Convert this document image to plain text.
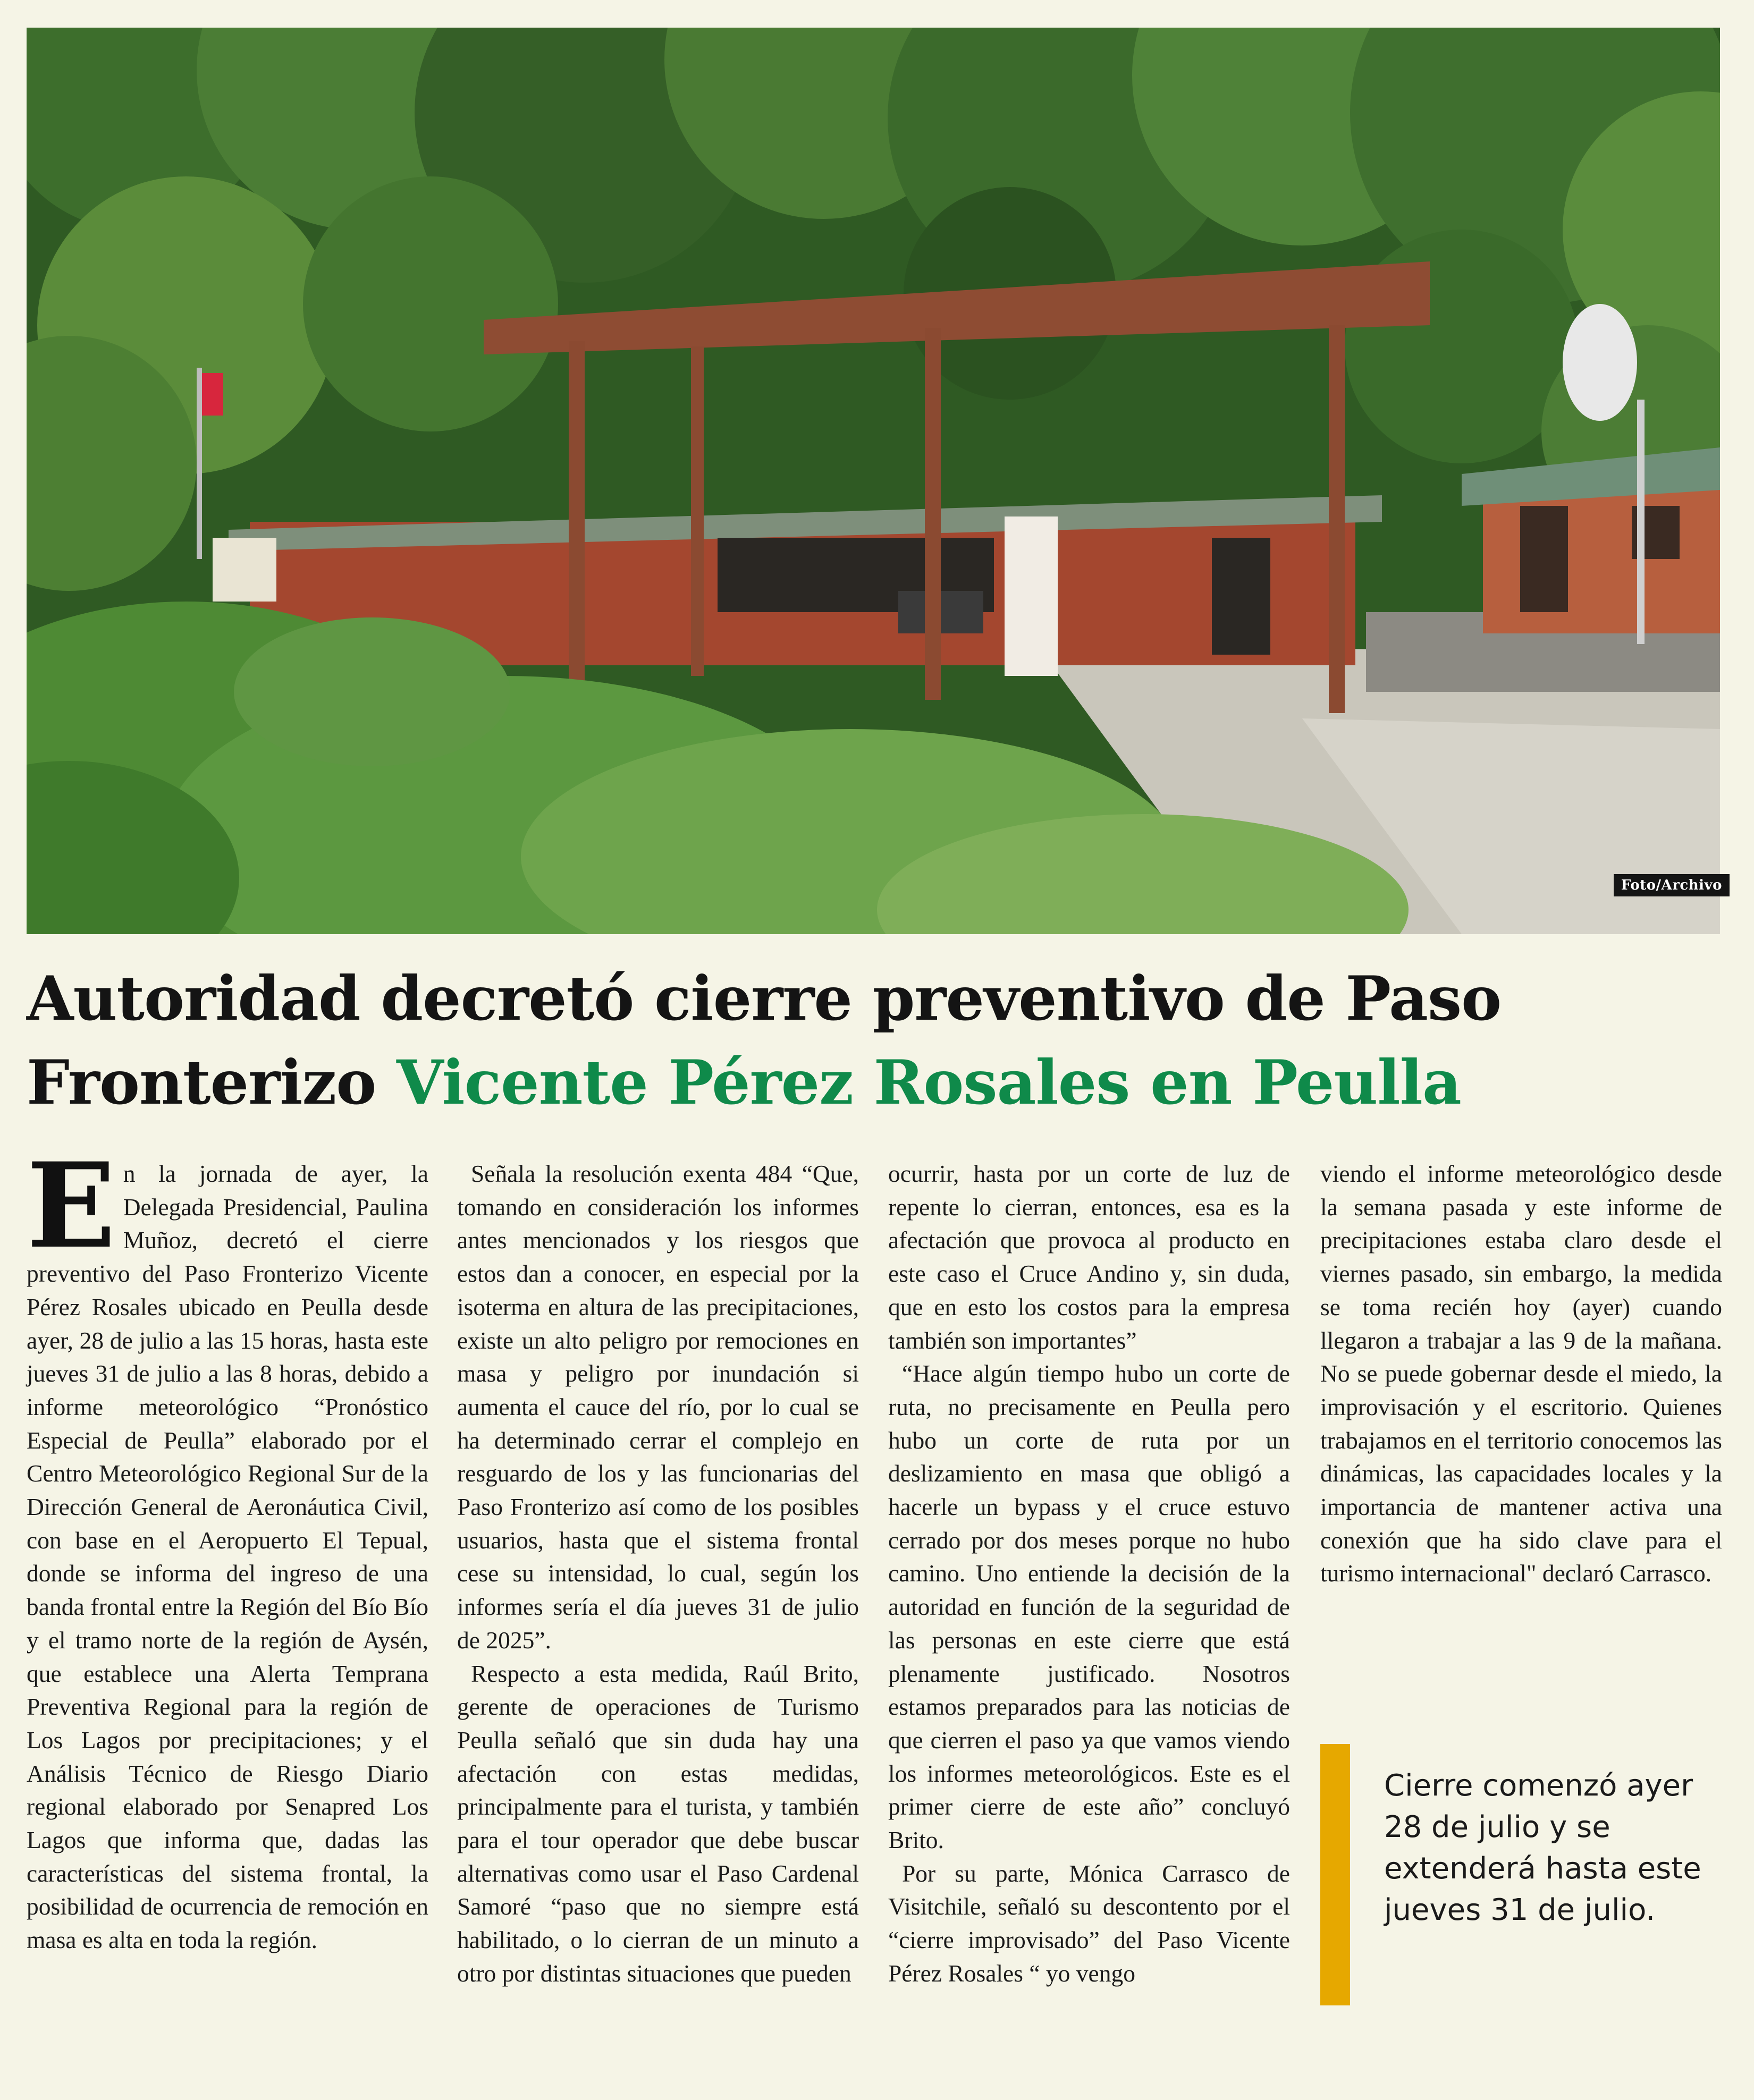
Foto/Archivo
Autoridad decretó cierre preventivo de Paso Fronterizo Vicente Pérez Rosales en Peulla
E n la jornada de ayer, la Delegada Presidencial, Paulina Muñoz, decretó el cierre preventivo del Paso Fronterizo Vicente Pérez Rosales ubicado en Peulla desde ayer, 28 de julio a las 15 horas, hasta este jueves 31 de julio a las 8 horas, debido a informe meteorológico “Pronóstico Especial de Peulla” elaborado por el Centro Meteorológico Regional Sur de la Dirección General de Aeronáutica Civil, con base en el Aeropuerto El Tepual, donde se informa del ingreso de una banda frontal entre la Región del Bío Bío y el tramo norte de la región de Aysén, que establece una Alerta Temprana Preventiva Regional para la región de Los Lagos por precipitaciones; y el Análisis Técnico de Riesgo Diario regional elaborado por Senapred Los Lagos que informa que, dadas las características del sistema frontal, la posibilidad de ocurrencia de remoción en masa es alta en toda la región.

Señala la resolución exenta 484 “Que, tomando en consideración los informes antes mencionados y los riesgos que estos dan a conocer, en especial por la isoterma en altura de las precipitaciones, existe un alto peligro por remociones en masa y peligro por inundación si aumenta el cauce del río, por lo cual se ha determinado cerrar el complejo en resguardo de los y las funcionarias del Paso Fronterizo así como de los posibles usuarios, hasta que el sistema frontal cese su intensidad, lo cual, según los informes sería el día jueves 31 de julio de 2025”.

Respecto a esta medida, Raúl Brito, gerente de operaciones de Turismo Peulla señaló que sin duda hay una afectación con estas medidas, principalmente para el turista, y también para el tour operador que debe buscar alternativas como usar el Paso Cardenal Samoré “paso que no siempre está habilitado, o lo cierran de un minuto a otro por distintas situaciones que pueden

ocurrir, hasta por un corte de luz de repente lo cierran, entonces, esa es la afectación que provoca al producto en este caso el Cruce Andino y, sin duda, que en esto los costos para la empresa también son importantes”

“Hace algún tiempo hubo un corte de ruta, no precisamente en Peulla pero hubo un corte de ruta por un deslizamiento en masa que obligó a hacerle un bypass y el cruce estuvo cerrado por dos meses porque no hubo camino. Uno entiende la decisión de la autoridad en función de la seguridad de las personas en este cierre que está plenamente justificado. Nosotros estamos preparados para las noticias de que cierren el paso ya que vamos viendo los informes meteorológicos. Este es el primer cierre de este año” concluyó Brito.

Por su parte, Mónica Carrasco de Visitchile, señaló su descontento por el “cierre improvisado” del Paso Vicente Pérez Rosales “ yo vengo

viendo el informe meteorológico desde la semana pasada y este informe de precipitaciones estaba claro desde el viernes pasado, sin embargo, la medida se toma recién hoy (ayer) cuando llegaron a trabajar a las 9 de la mañana. No se puede gobernar desde el miedo, la improvisación y el escritorio. Quienes trabajamos en el territorio conocemos las dinámicas, las capacidades locales y la importancia de mantener activa una conexión que ha sido clave para el turismo internacional" declaró Carrasco.

Cierre comenzó ayer 28 de julio y se extenderá hasta este jueves 31 de julio.
